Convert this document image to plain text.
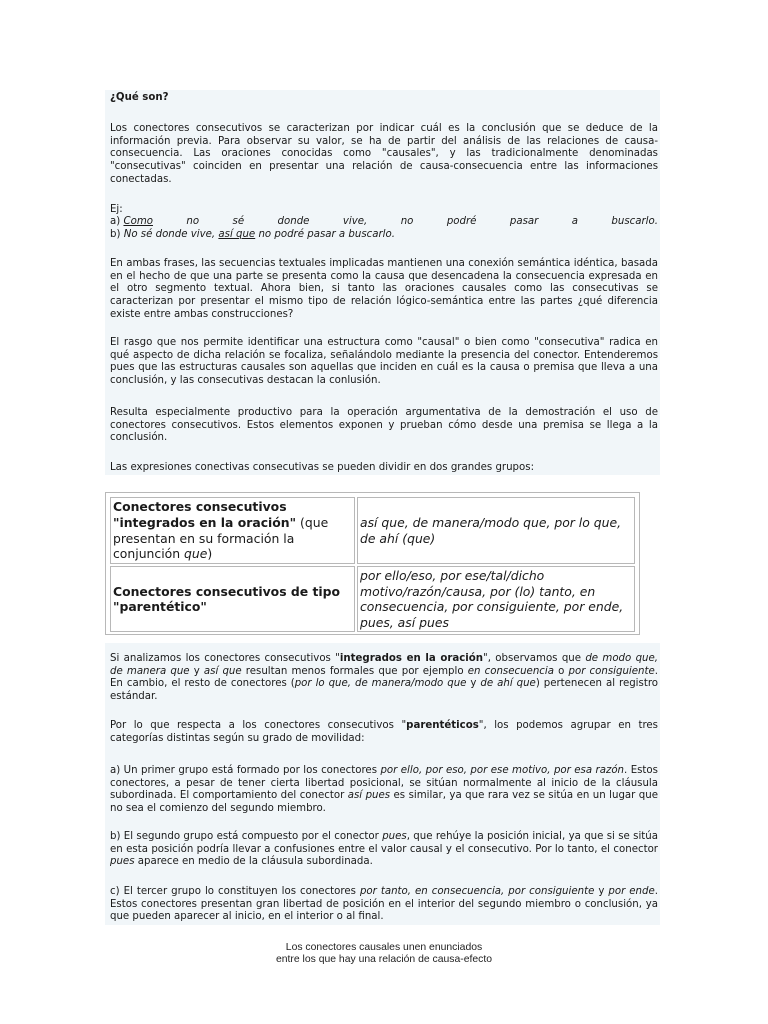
¿Qué son?
Los conectores consecutivos se caracterizan por indicar cuál es la conclusión que se deduce de la información previa. Para observar su valor, se ha de partir del análisis de las relaciones de causa-consecuencia. Las oraciones conocidas como "causales", y las tradicionalmente denominadas "consecutivas" coinciden en presentar una relación de causa-consecuencia entre las informaciones conectadas.
Ej:
a) Como	no	sé	donde	vive,	no	podré	pasar	a	buscarlo.
b) No sé donde vive, así que no podré pasar a buscarlo.
En ambas frases, las secuencias textuales implicadas mantienen una conexión semántica idéntica, basada en el hecho de que una parte se presenta como la causa que desencadena la consecuencia expresada en el otro segmento textual. Ahora bien, si tanto las oraciones causales como las consecutivas se caracterizan por presentar el mismo tipo de relación lógico-semántica entre las partes ¿qué diferencia existe entre ambas construcciones?
El rasgo que nos permite identificar una estructura como "causal" o bien como "consecutiva" radica en qué aspecto de dicha relación se focaliza, señalándolo mediante la presencia del conector. Entenderemos pues que las estructuras causales son aquellas que inciden en cuál es la causa o premisa que lleva a una conclusión, y las consecutivas destacan la conlusión.
Resulta especialmente productivo para la operación argumentativa de la demostración el uso de conectores consecutivos. Estos elementos exponen y prueban cómo desde una premisa se llega a la conclusión.
Las expresiones conectivas consecutivas se pueden dividir en dos grandes grupos:
Conectores consecutivos "integrados en la oración" (que presentan en su formación la conjunción que)	así que, de manera/modo que, por lo que, de ahí (que)
Conectores consecutivos de tipo "parentético"	por ello/eso, por ese/tal/dicho motivo/razón/causa, por (lo) tanto, en consecuencia, por consiguiente, por ende, pues, así pues
Si analizamos los conectores consecutivos "integrados en la oración", observamos que de modo que, de manera que y así que resultan menos formales que por ejemplo en consecuencia o por consiguiente. En cambio, el resto de conectores (por lo que, de manera/modo que y de ahí que) pertenecen al registro estándar.
Por lo que respecta a los conectores consecutivos "parentéticos", los podemos agrupar en tres categorías distintas según su grado de movilidad:
a) Un primer grupo está formado por los conectores por ello, por eso, por ese motivo, por esa razón. Estos conectores, a pesar de tener cierta libertad posicional, se sitúan normalmente al inicio de la cláusula subordinada. El comportamiento del conector así pues es similar, ya que rara vez se sitúa en un lugar que no sea el comienzo del segundo miembro.
b) El segundo grupo está compuesto por el conector pues, que rehúye la posición inicial, ya que si se sitúa en esta posición podría llevar a confusiones entre el valor causal y el consecutivo. Por lo tanto, el conector pues aparece en medio de la cláusula subordinada.
c) El tercer grupo lo constituyen los conectores por tanto, en consecuencia, por consiguiente y por ende. Estos conectores presentan gran libertad de posición en el interior del segundo miembro o conclusión, ya que pueden aparecer al inicio, en el interior o al final.
Los conectores causales unen enunciados
entre los que hay una relación de causa-efecto
